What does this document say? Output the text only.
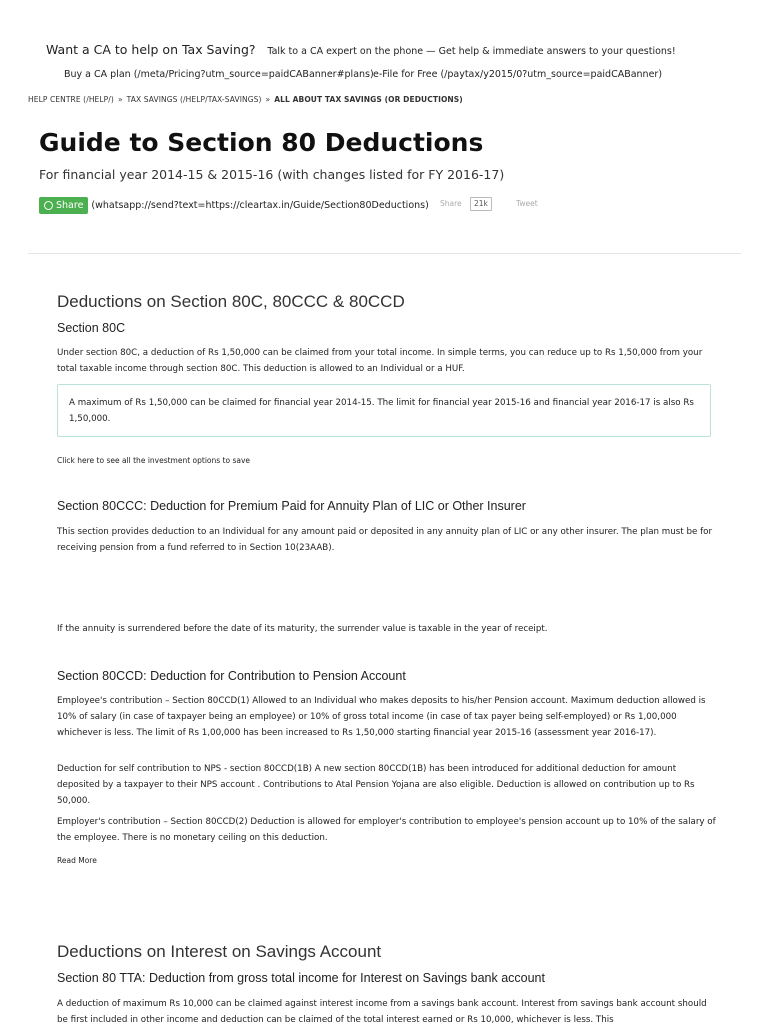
Want a CA to help on Tax Saving? Talk to a CA expert on the phone — Get help & immediate answers to your questions!
Buy a CA plan (/meta/Pricing?utm_source=paidCABanner#plans) e-File for Free (/paytax/y2015/0?utm_source=paidCABanner)
HELP CENTRE (/HELP/) » TAX SAVINGS (/HELP/TAX-SAVINGS) » ALL ABOUT TAX SAVINGS (OR DEDUCTIONS)
Guide to Section 80 Deductions
For financial year 2014-15 & 2015-16 (with changes listed for FY 2016-17)
Share (whatsapp://send?text=https://cleartax.in/Guide/Section80Deductions) Share	21k	Tweet
Deductions on Section 80C, 80CCC & 80CCD
Section 80C
Under section 80C, a deduction of Rs 1,50,000 can be claimed from your total income. In simple terms, you can reduce up to Rs 1,50,000 from your total taxable income through section 80C. This deduction is allowed to an Individual or a HUF.
A maximum of Rs 1,50,000 can be claimed for financial year 2014-15. The limit for financial year 2015-16 and financial year 2016-17 is also Rs 1,50,000.
Click here to see all the investment options to save
Section 80CCC: Deduction for Premium Paid for Annuity Plan of LIC or Other Insurer
This section provides deduction to an Individual for any amount paid or deposited in any annuity plan of LIC or any other insurer. The plan must be for receiving pension from a fund referred to in Section 10(23AAB).
If the annuity is surrendered before the date of its maturity, the surrender value is taxable in the year of receipt.
Section 80CCD: Deduction for Contribution to Pension Account
Employee's contribution – Section 80CCD(1) Allowed to an Individual who makes deposits to his/her Pension account. Maximum deduction allowed is 10% of salary (in case of taxpayer being an employee) or 10% of gross total income (in case of tax payer being self-employed) or Rs 1,00,000 whichever is less. The limit of Rs 1,00,000 has been increased to Rs 1,50,000 starting financial year 2015-16 (assessment year 2016-17).
Deduction for self contribution to NPS - section 80CCD(1B) A new section 80CCD(1B) has been introduced for additional deduction for amount deposited by a taxpayer to their NPS account . Contributions to Atal Pension Yojana are also eligible. Deduction is allowed on contribution up to Rs 50,000.
Employer's contribution – Section 80CCD(2) Deduction is allowed for employer's contribution to employee's pension account up to 10% of the salary of the employee. There is no monetary ceiling on this deduction.
Read More
Deductions on Interest on Savings Account
Section 80 TTA: Deduction from gross total income for Interest on Savings bank account
A deduction of maximum Rs 10,000 can be claimed against interest income from a savings bank account. Interest from savings bank account should be first included in other income and deduction can be claimed of the total interest earned or Rs 10,000, whichever is less. This
